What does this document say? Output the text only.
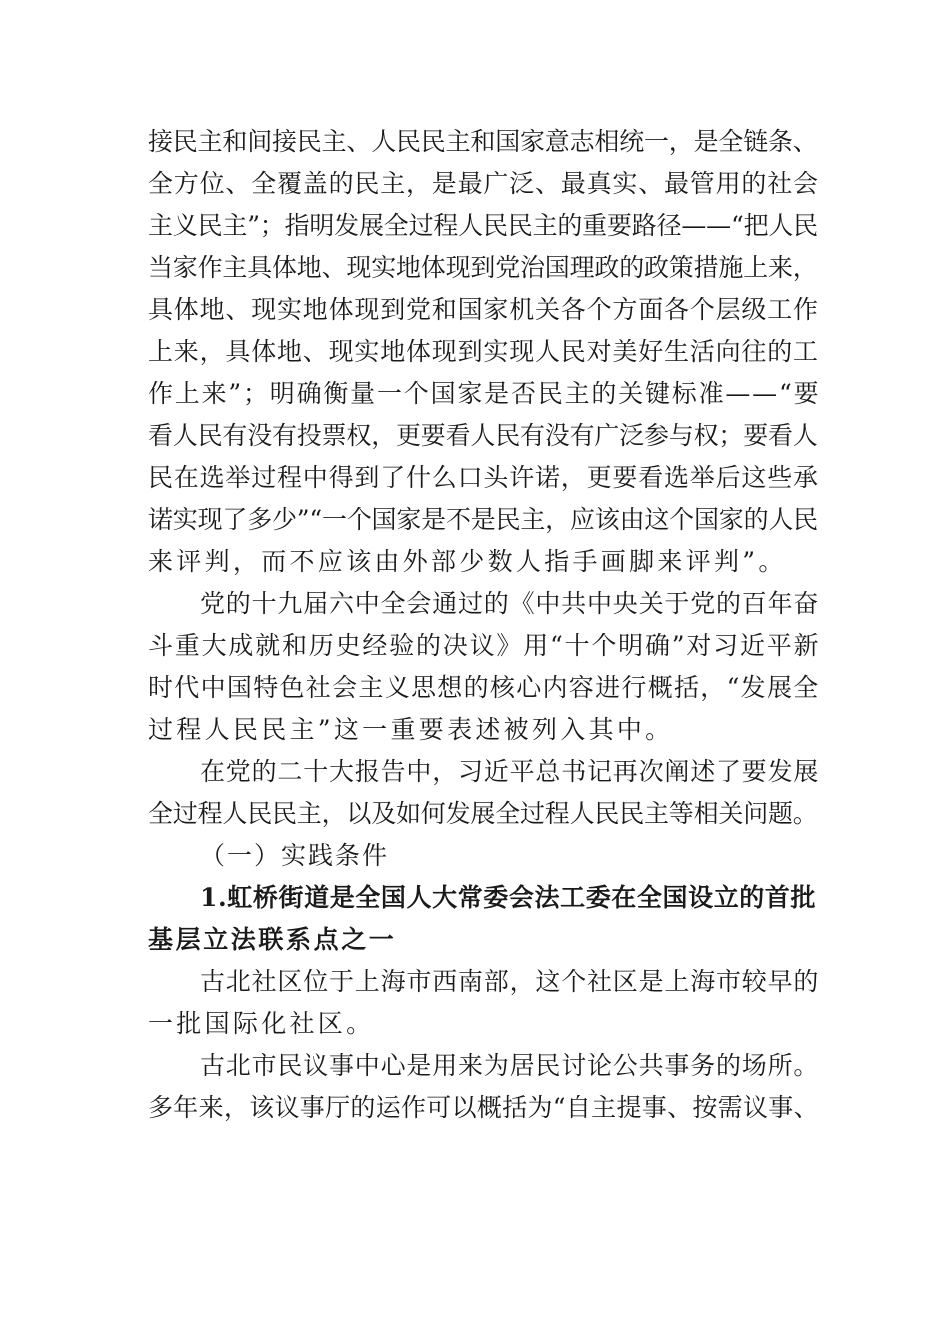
接民主和间接民主、人民民主和国家意志相统一，是全链条、
全方位、全覆盖的民主，是最广泛、最真实、最管用的社会
主义民主”；指明发展全过程人民民主的重要路径——“把人民
当家作主具体地、现实地体现到党治国理政的政策措施上来，
具体地、现实地体现到党和国家机关各个方面各个层级工作
上来，具体地、现实地体现到实现人民对美好生活向往的工
作上来”；明确衡量一个国家是否民主的关键标准——“要
看人民有没有投票权，更要看人民有没有广泛参与权；要看人
民在选举过程中得到了什么口头许诺，更要看选举后这些承
诺实现了多少”“一个国家是不是民主，应该由这个国家的人民
来评判，而不应该由外部少数人指手画脚来评判”。
党的十九届六中全会通过的《中共中央关于党的百年奋
斗重大成就和历史经验的决议》用“十个明确”对习近平新
时代中国特色社会主义思想的核心内容进行概括，“发展全
过程人民民主”这一重要表述被列入其中。
在党的二十大报告中，习近平总书记再次阐述了要发展
全过程人民民主，以及如何发展全过程人民民主等相关问题。
（一）实践条件
1.虹桥街道是全国人大常委会法工委在全国设立的首批
基层立法联系点之一
古北社区位于上海市西南部，这个社区是上海市较早的
一批国际化社区。
古北市民议事中心是用来为居民讨论公共事务的场所。
多年来，该议事厅的运作可以概括为“自主提事、按需议事、
